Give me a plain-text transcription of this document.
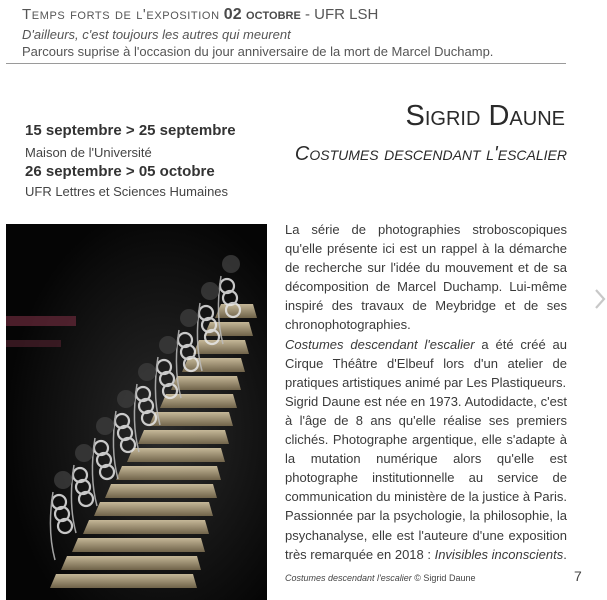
Temps forts de l'exposition 02 octobre - UFR LSH
D'ailleurs, c'est toujours les autres qui meurent
Parcours suprise à l'occasion du jour anniversaire de la mort de Marcel Duchamp.
Sigrid Daune
Costumes descendant l'escalier
15 septembre > 25 septembre
Maison de l'Université
26 septembre > 05 octobre
UFR Lettres et Sciences Humaines

La série de photographies stroboscopiques qu'elle présente ici est un rappel à la démarche de recherche sur l'idée du mouvement et de sa décomposition de Marcel Duchamp. Lui-même inspiré des travaux de Meybridge et de ses chronophotographies.

Costumes descendant l'escalier a été créé au Cirque Théâtre d'Elbeuf lors d'un atelier de pratiques artistiques animé par Les Plastiqueurs.

Sigrid Daune est née en 1973. Autodidacte, c'est à l'âge de 8 ans qu'elle réalise ses premiers clichés. Photographe argentique, elle s'adapte à la mutation numérique alors qu'elle est photographe institutionnelle au service de communication du ministère de la justice à Paris. Passionnée par la psychologie, la philosophie, la psychanalyse, elle est l'auteure d'une exposition très remarquée en 2018 : Invisibles inconscients.

Costumes descendant l'escalier © Sigrid Daune	7
